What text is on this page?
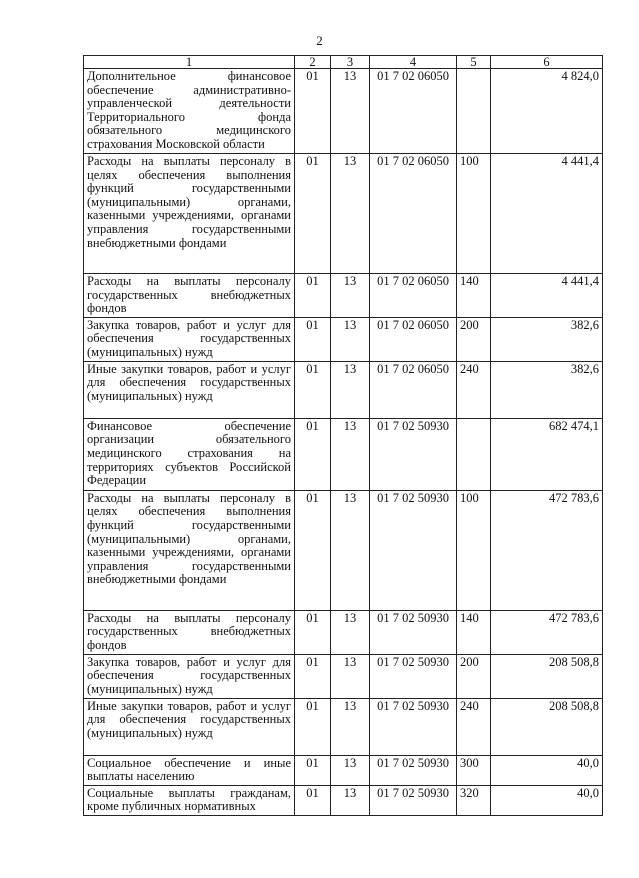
2
1	2	3	4	5	6
Дополнительное финансовое обеспечение административно-управленческой деятельности Территориального фонда обязательного медицинского страхования Московской области	01	13	01 7 02 06050		4 824,0
Расходы на выплаты персоналу в целях обеспечения выполнения функций государственными (муниципальными) органами, казенными учреждениями, органами управления государственными внебюджетными фондами	01	13	01 7 02 06050	100	4 441,4
Расходы на выплаты персоналу государственных внебюджетных фондов	01	13	01 7 02 06050	140	4 441,4
Закупка товаров, работ и услуг для обеспечения государственных (муниципальных) нужд	01	13	01 7 02 06050	200	382,6
Иные закупки товаров, работ и услуг для обеспечения государственных (муниципальных) нужд	01	13	01 7 02 06050	240	382,6
Финансовое обеспечение организации обязательного медицинского страхования на территориях субъектов Российской Федерации	01	13	01 7 02 50930		682 474,1
Расходы на выплаты персоналу в целях обеспечения выполнения функций государственными (муниципальными) органами, казенными учреждениями, органами управления государственными внебюджетными фондами	01	13	01 7 02 50930	100	472 783,6
Расходы на выплаты персоналу государственных внебюджетных фондов	01	13	01 7 02 50930	140	472 783,6
Закупка товаров, работ и услуг для обеспечения государственных (муниципальных) нужд	01	13	01 7 02 50930	200	208 508,8
Иные закупки товаров, работ и услуг для обеспечения государственных (муниципальных) нужд	01	13	01 7 02 50930	240	208 508,8
Социальное обеспечение и иные выплаты населению	01	13	01 7 02 50930	300	40,0
Социальные выплаты гражданам, кроме публичных нормативных	01	13	01 7 02 50930	320	40,0
